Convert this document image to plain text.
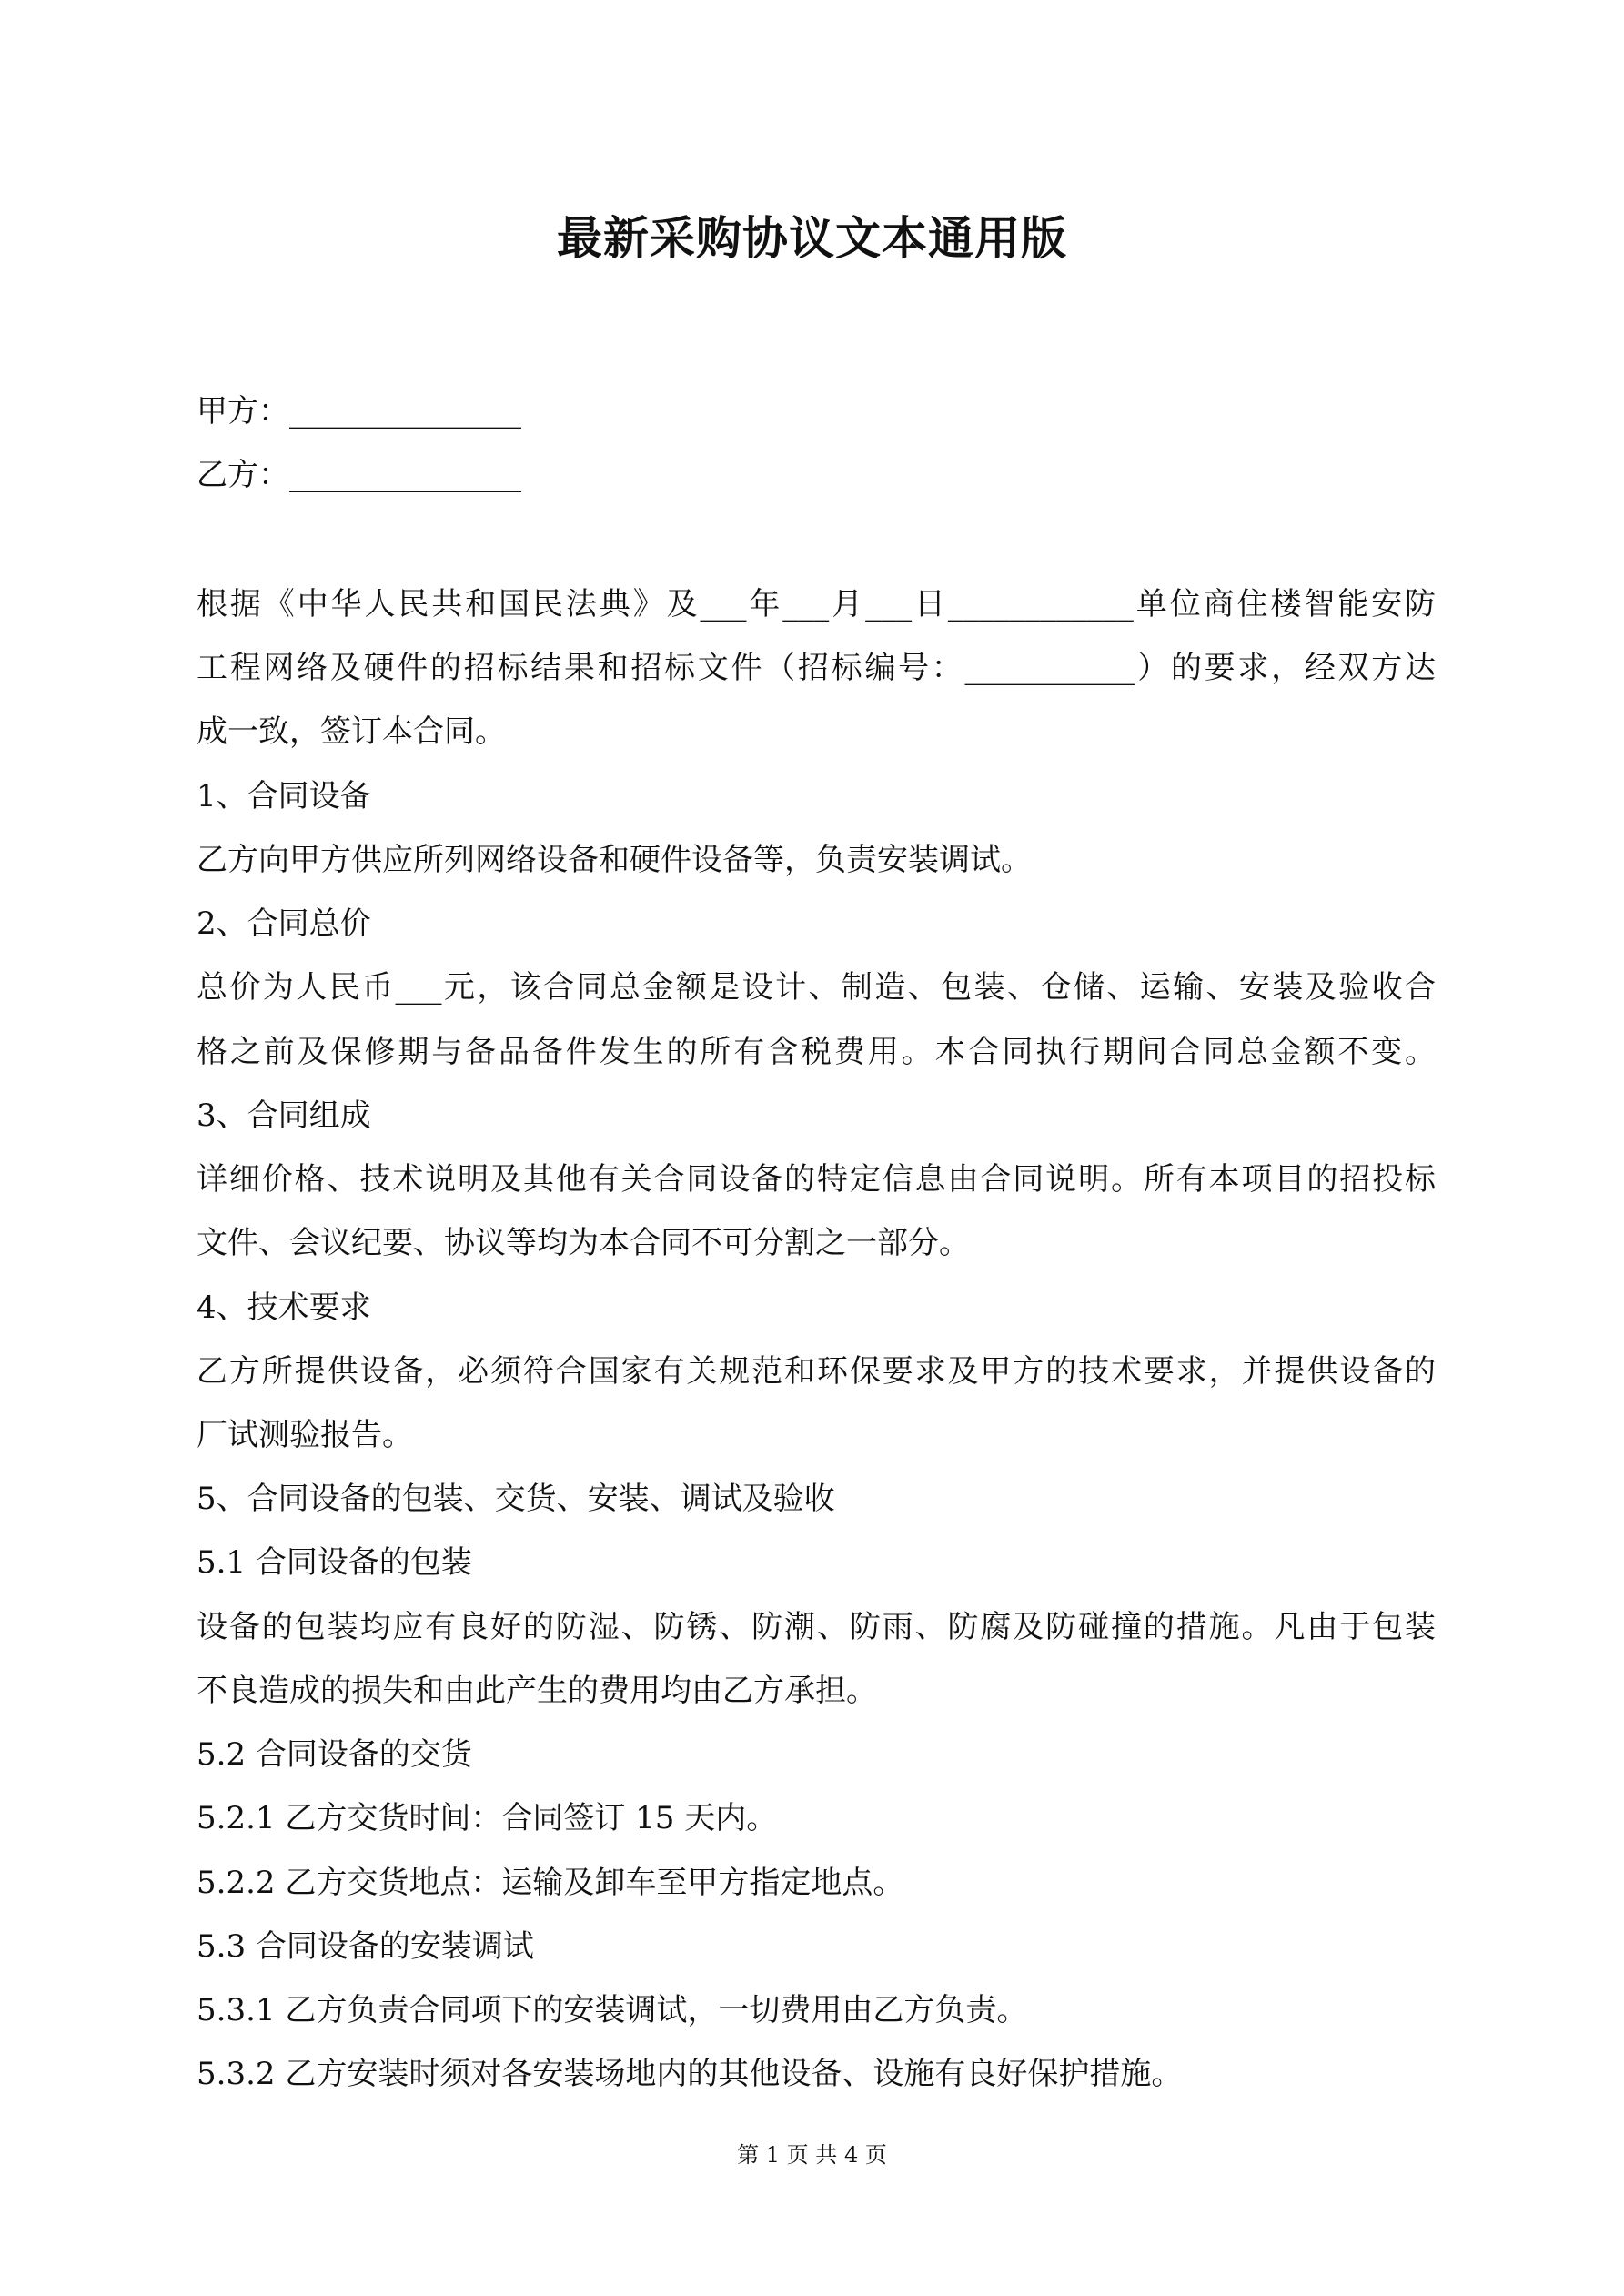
最新采购协议文本通用版

甲方：_______________

乙方：_______________

根据《中华人民共和国民法典》及___年___月___日____________单位商住楼智能安防

工程网络及硬件的招标结果和招标文件（招标编号：___________）的要求，经双方达

成一致，签订本合同。

1、合同设备

乙方向甲方供应所列网络设备和硬件设备等，负责安装调试。

2、合同总价

总价为人民币___元，该合同总金额是设计、制造、包装、仓储、运输、安装及验收合

格之前及保修期与备品备件发生的所有含税费用。本合同执行期间合同总金额不变。

3、合同组成

详细价格、技术说明及其他有关合同设备的特定信息由合同说明。所有本项目的招投标

文件、会议纪要、协议等均为本合同不可分割之一部分。

4、技术要求

乙方所提供设备，必须符合国家有关规范和环保要求及甲方的技术要求，并提供设备的

厂试测验报告。

5、合同设备的包装、交货、安装、调试及验收

5.1 合同设备的包装

设备的包装均应有良好的防湿、防锈、防潮、防雨、防腐及防碰撞的措施。凡由于包装

不良造成的损失和由此产生的费用均由乙方承担。

5.2 合同设备的交货

5.2.1 乙方交货时间：合同签订 15 天内。

5.2.2 乙方交货地点：运输及卸车至甲方指定地点。

5.3 合同设备的安装调试

5.3.1 乙方负责合同项下的安装调试，一切费用由乙方负责。

5.3.2 乙方安装时须对各安装场地内的其他设备、设施有良好保护措施。

第 1 页 共 4 页
